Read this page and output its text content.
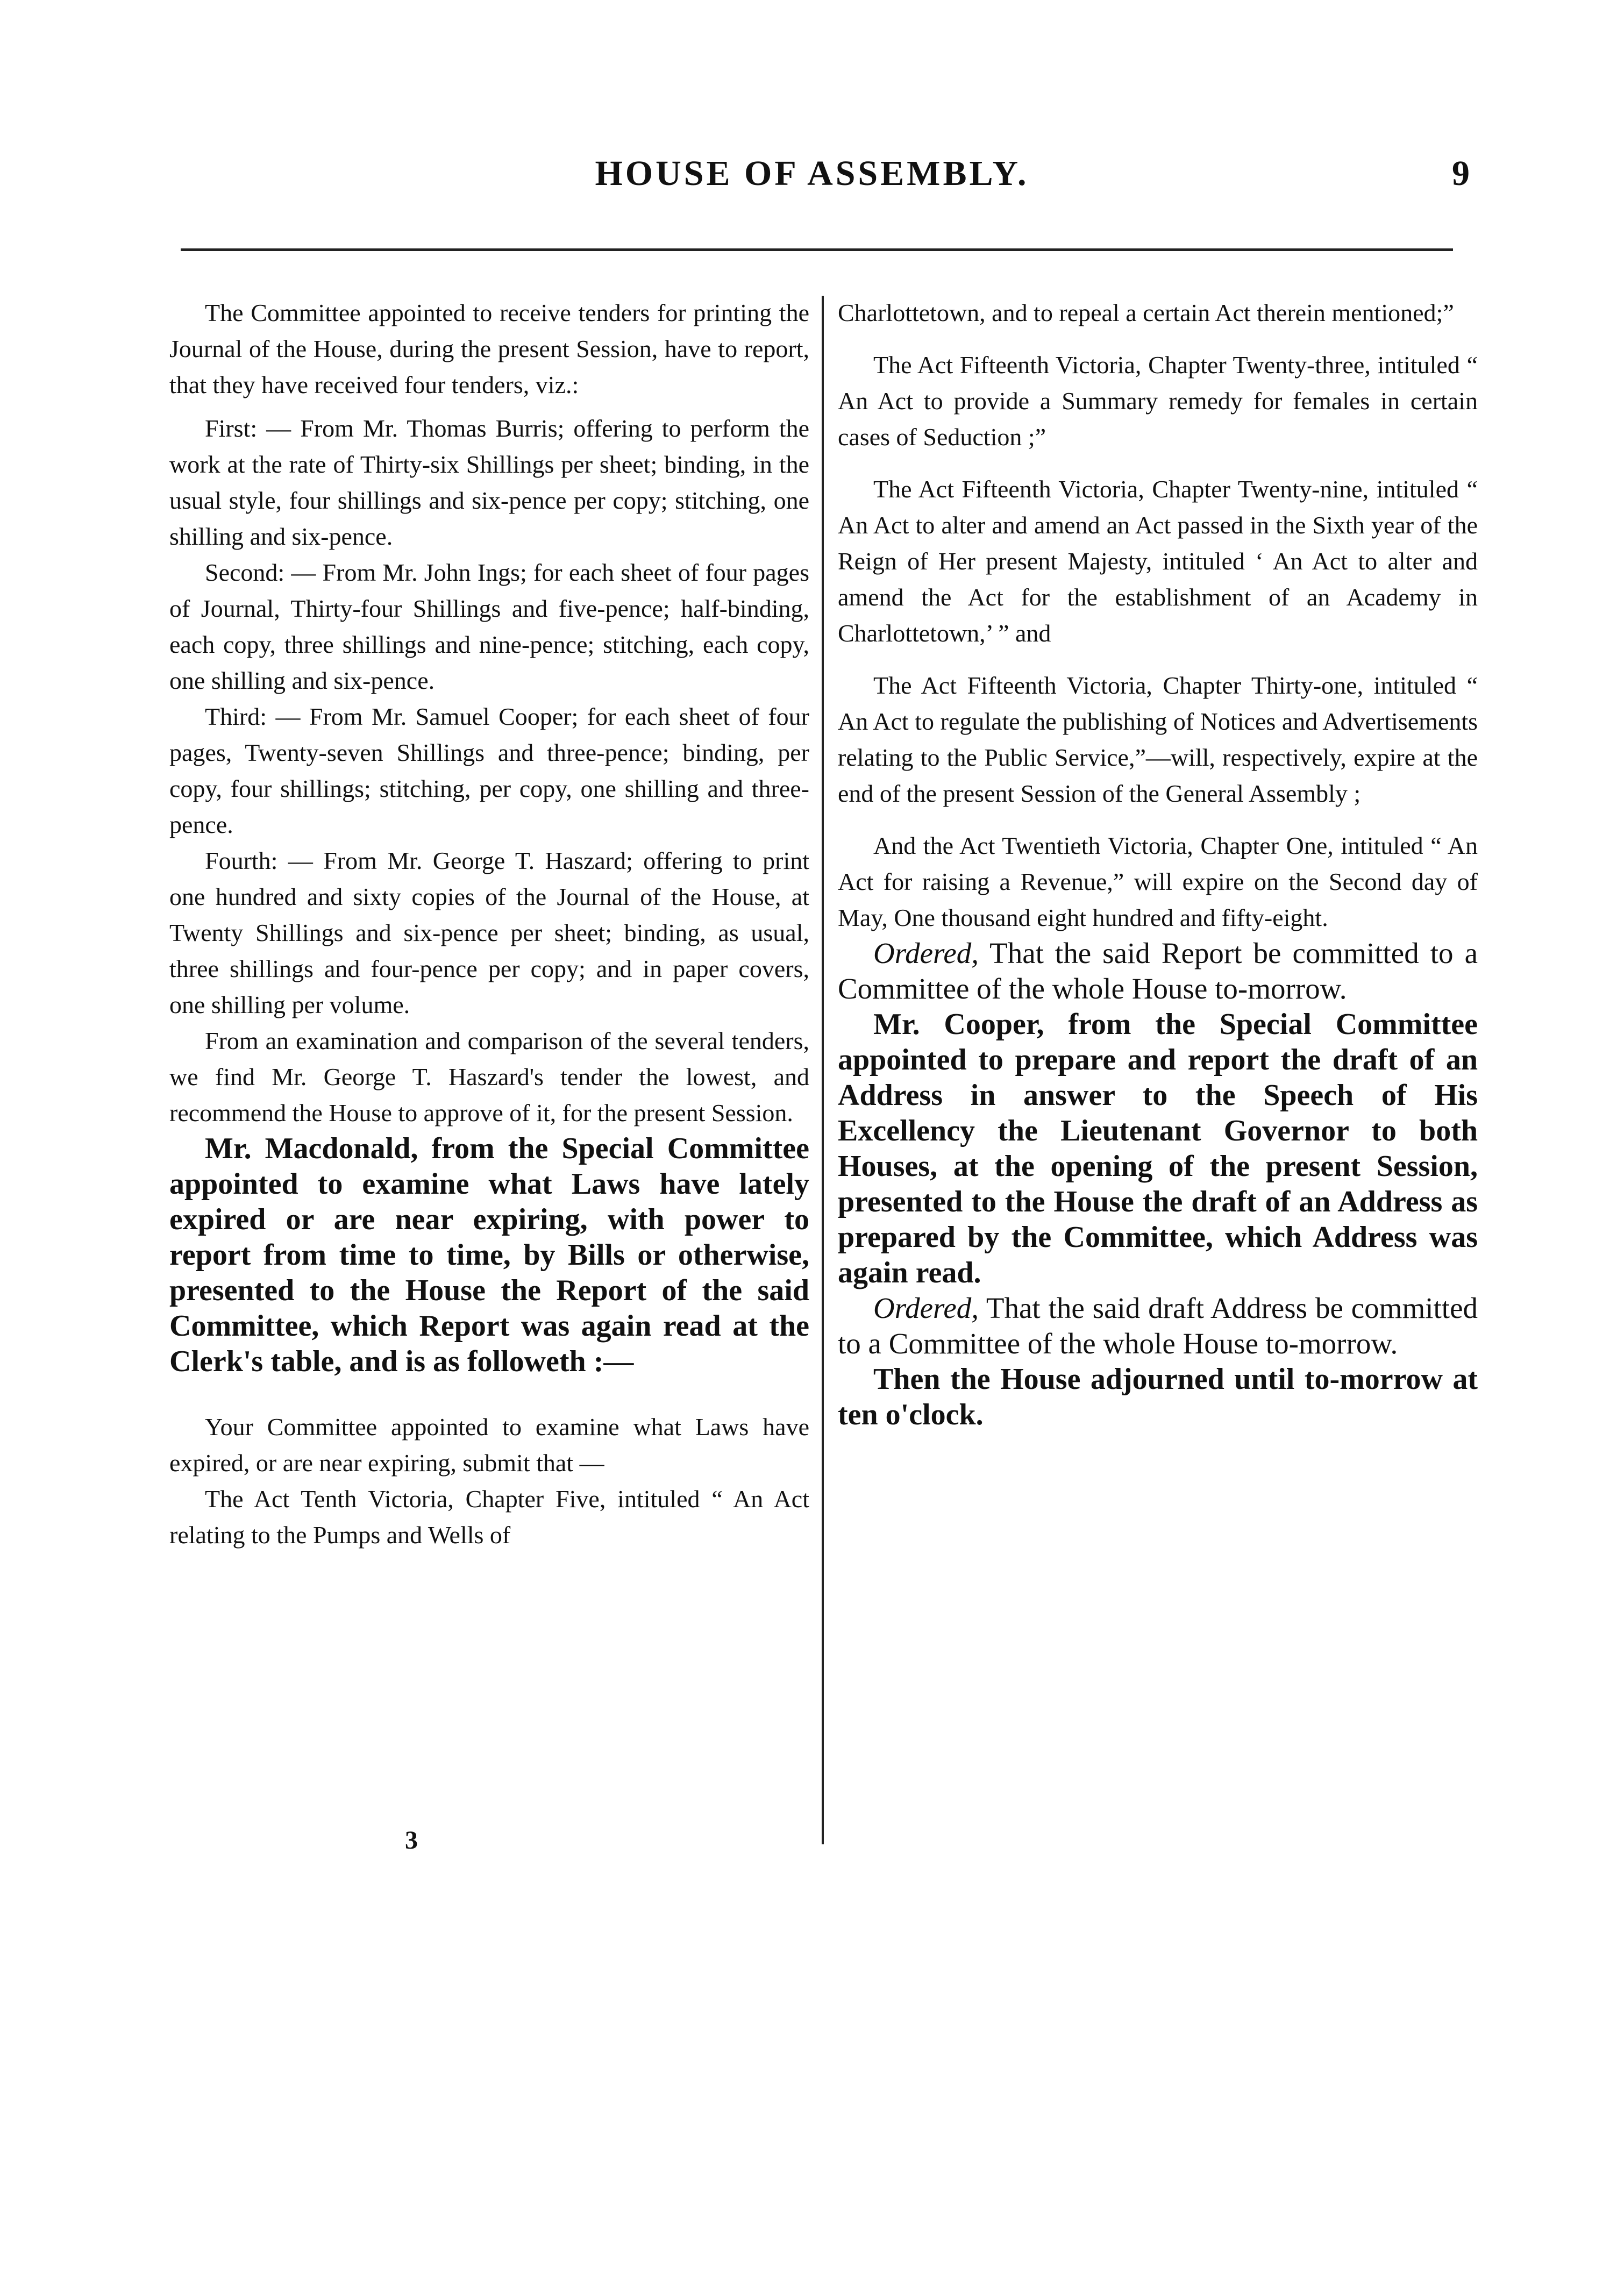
HOUSE OF ASSEMBLY.	9

The Committee appointed to receive tenders for printing the Journal of the House, during the present Session, have to report, that they have received four tenders, viz.:

First: — From Mr. Thomas Burris; offering to perform the work at the rate of Thirty-six Shillings per sheet; binding, in the usual style, four shillings and six-pence per copy; stitching, one shilling and six-pence.

Second: — From Mr. John Ings; for each sheet of four pages of Journal, Thirty-four Shillings and five-pence; half-binding, each copy, three shillings and nine-pence; stitching, each copy, one shilling and six-pence.

Third: — From Mr. Samuel Cooper; for each sheet of four pages, Twenty-seven Shillings and three-pence; binding, per copy, four shillings; stitching, per copy, one shilling and three-pence.

Fourth: — From Mr. George T. Haszard; offering to print one hundred and sixty copies of the Journal of the House, at Twenty Shillings and six-pence per sheet; binding, as usual, three shillings and four-pence per copy; and in paper covers, one shilling per volume.

From an examination and comparison of the several tenders, we find Mr. George T. Haszard's tender the lowest, and recommend the House to approve of it, for the present Session.

Mr. Macdonald, from the Special Committee appointed to examine what Laws have lately expired or are near expiring, with power to report from time to time, by Bills or otherwise, presented to the House the Report of the said Committee, which Report was again read at the Clerk's table, and is as followeth :—

Your Committee appointed to examine what Laws have expired, or are near expiring, submit that —

The Act Tenth Victoria, Chapter Five, intituled “ An Act relating to the Pumps and Wells of

3

Charlottetown, and to repeal a certain Act therein mentioned;”

The Act Fifteenth Victoria, Chapter Twenty-three, intituled “ An Act to provide a Summary remedy for females in certain cases of Seduction ;”

The Act Fifteenth Victoria, Chapter Twenty-nine, intituled “ An Act to alter and amend an Act passed in the Sixth year of the Reign of Her present Majesty, intituled ‘ An Act to alter and amend the Act for the establishment of an Academy in Charlottetown,’ ” and

The Act Fifteenth Victoria, Chapter Thirty-one, intituled “ An Act to regulate the publishing of Notices and Advertisements relating to the Public Service,”—will, respectively, expire at the end of the present Session of the General Assembly ;

And the Act Twentieth Victoria, Chapter One, intituled “ An Act for raising a Revenue,” will expire on the Second day of May, One thousand eight hundred and fifty-eight.

Ordered, That the said Report be committed to a Committee of the whole House to-morrow.

Mr. Cooper, from the Special Committee appointed to prepare and report the draft of an Address in answer to the Speech of His Excellency the Lieutenant Governor to both Houses, at the opening of the present Session, presented to the House the draft of an Address as prepared by the Committee, which Address was again read.

Ordered, That the said draft Address be committed to a Committee of the whole House to-morrow.

Then the House adjourned until to-morrow at ten o'clock.
